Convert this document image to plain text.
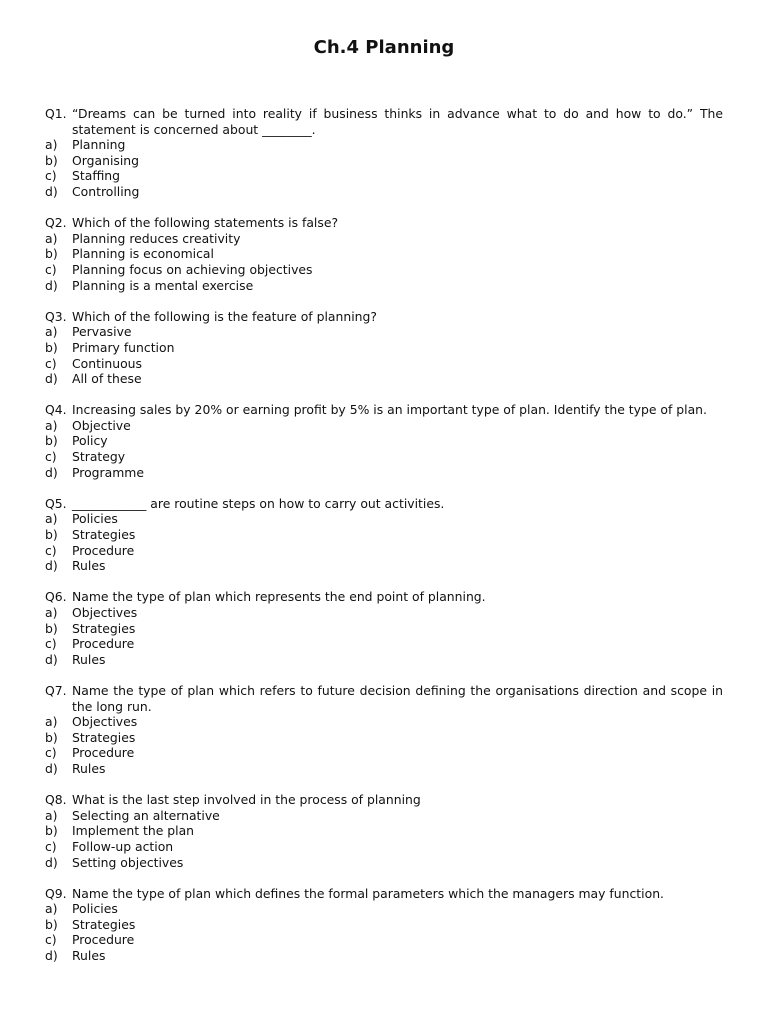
Ch.4 Planning
Q1. “Dreams can be turned into reality if business thinks in advance what to do and how to do.” The statement is concerned about ________.
a)	Planning
b)	Organising
c)	Staffing
d)	Controlling
Q2. Which of the following statements is false?
a)	Planning reduces creativity
b)	Planning is economical
c)	Planning focus on achieving objectives
d)	Planning is a mental exercise
Q3. Which of the following is the feature of planning?
a)	Pervasive
b)	Primary function
c)	Continuous
d)	All of these
Q4. Increasing sales by 20% or earning profit by 5% is an important type of plan. Identify the type of plan.
a)	Objective
b)	Policy
c)	Strategy
d)	Programme
Q5. ____________ are routine steps on how to carry out activities.
a)	Policies
b)	Strategies
c)	Procedure
d)	Rules
Q6. Name the type of plan which represents the end point of planning.
a)	Objectives
b)	Strategies
c)	Procedure
d)	Rules
Q7. Name the type of plan which refers to future decision defining the organisations direction and scope in the long run.
a)	Objectives
b)	Strategies
c)	Procedure
d)	Rules
Q8. What is the last step involved in the process of planning
a)	Selecting an alternative
b)	Implement the plan
c)	Follow-up action
d)	Setting objectives
Q9. Name the type of plan which defines the formal parameters which the managers may function.
a)	Policies
b)	Strategies
c)	Procedure
d)	Rules
